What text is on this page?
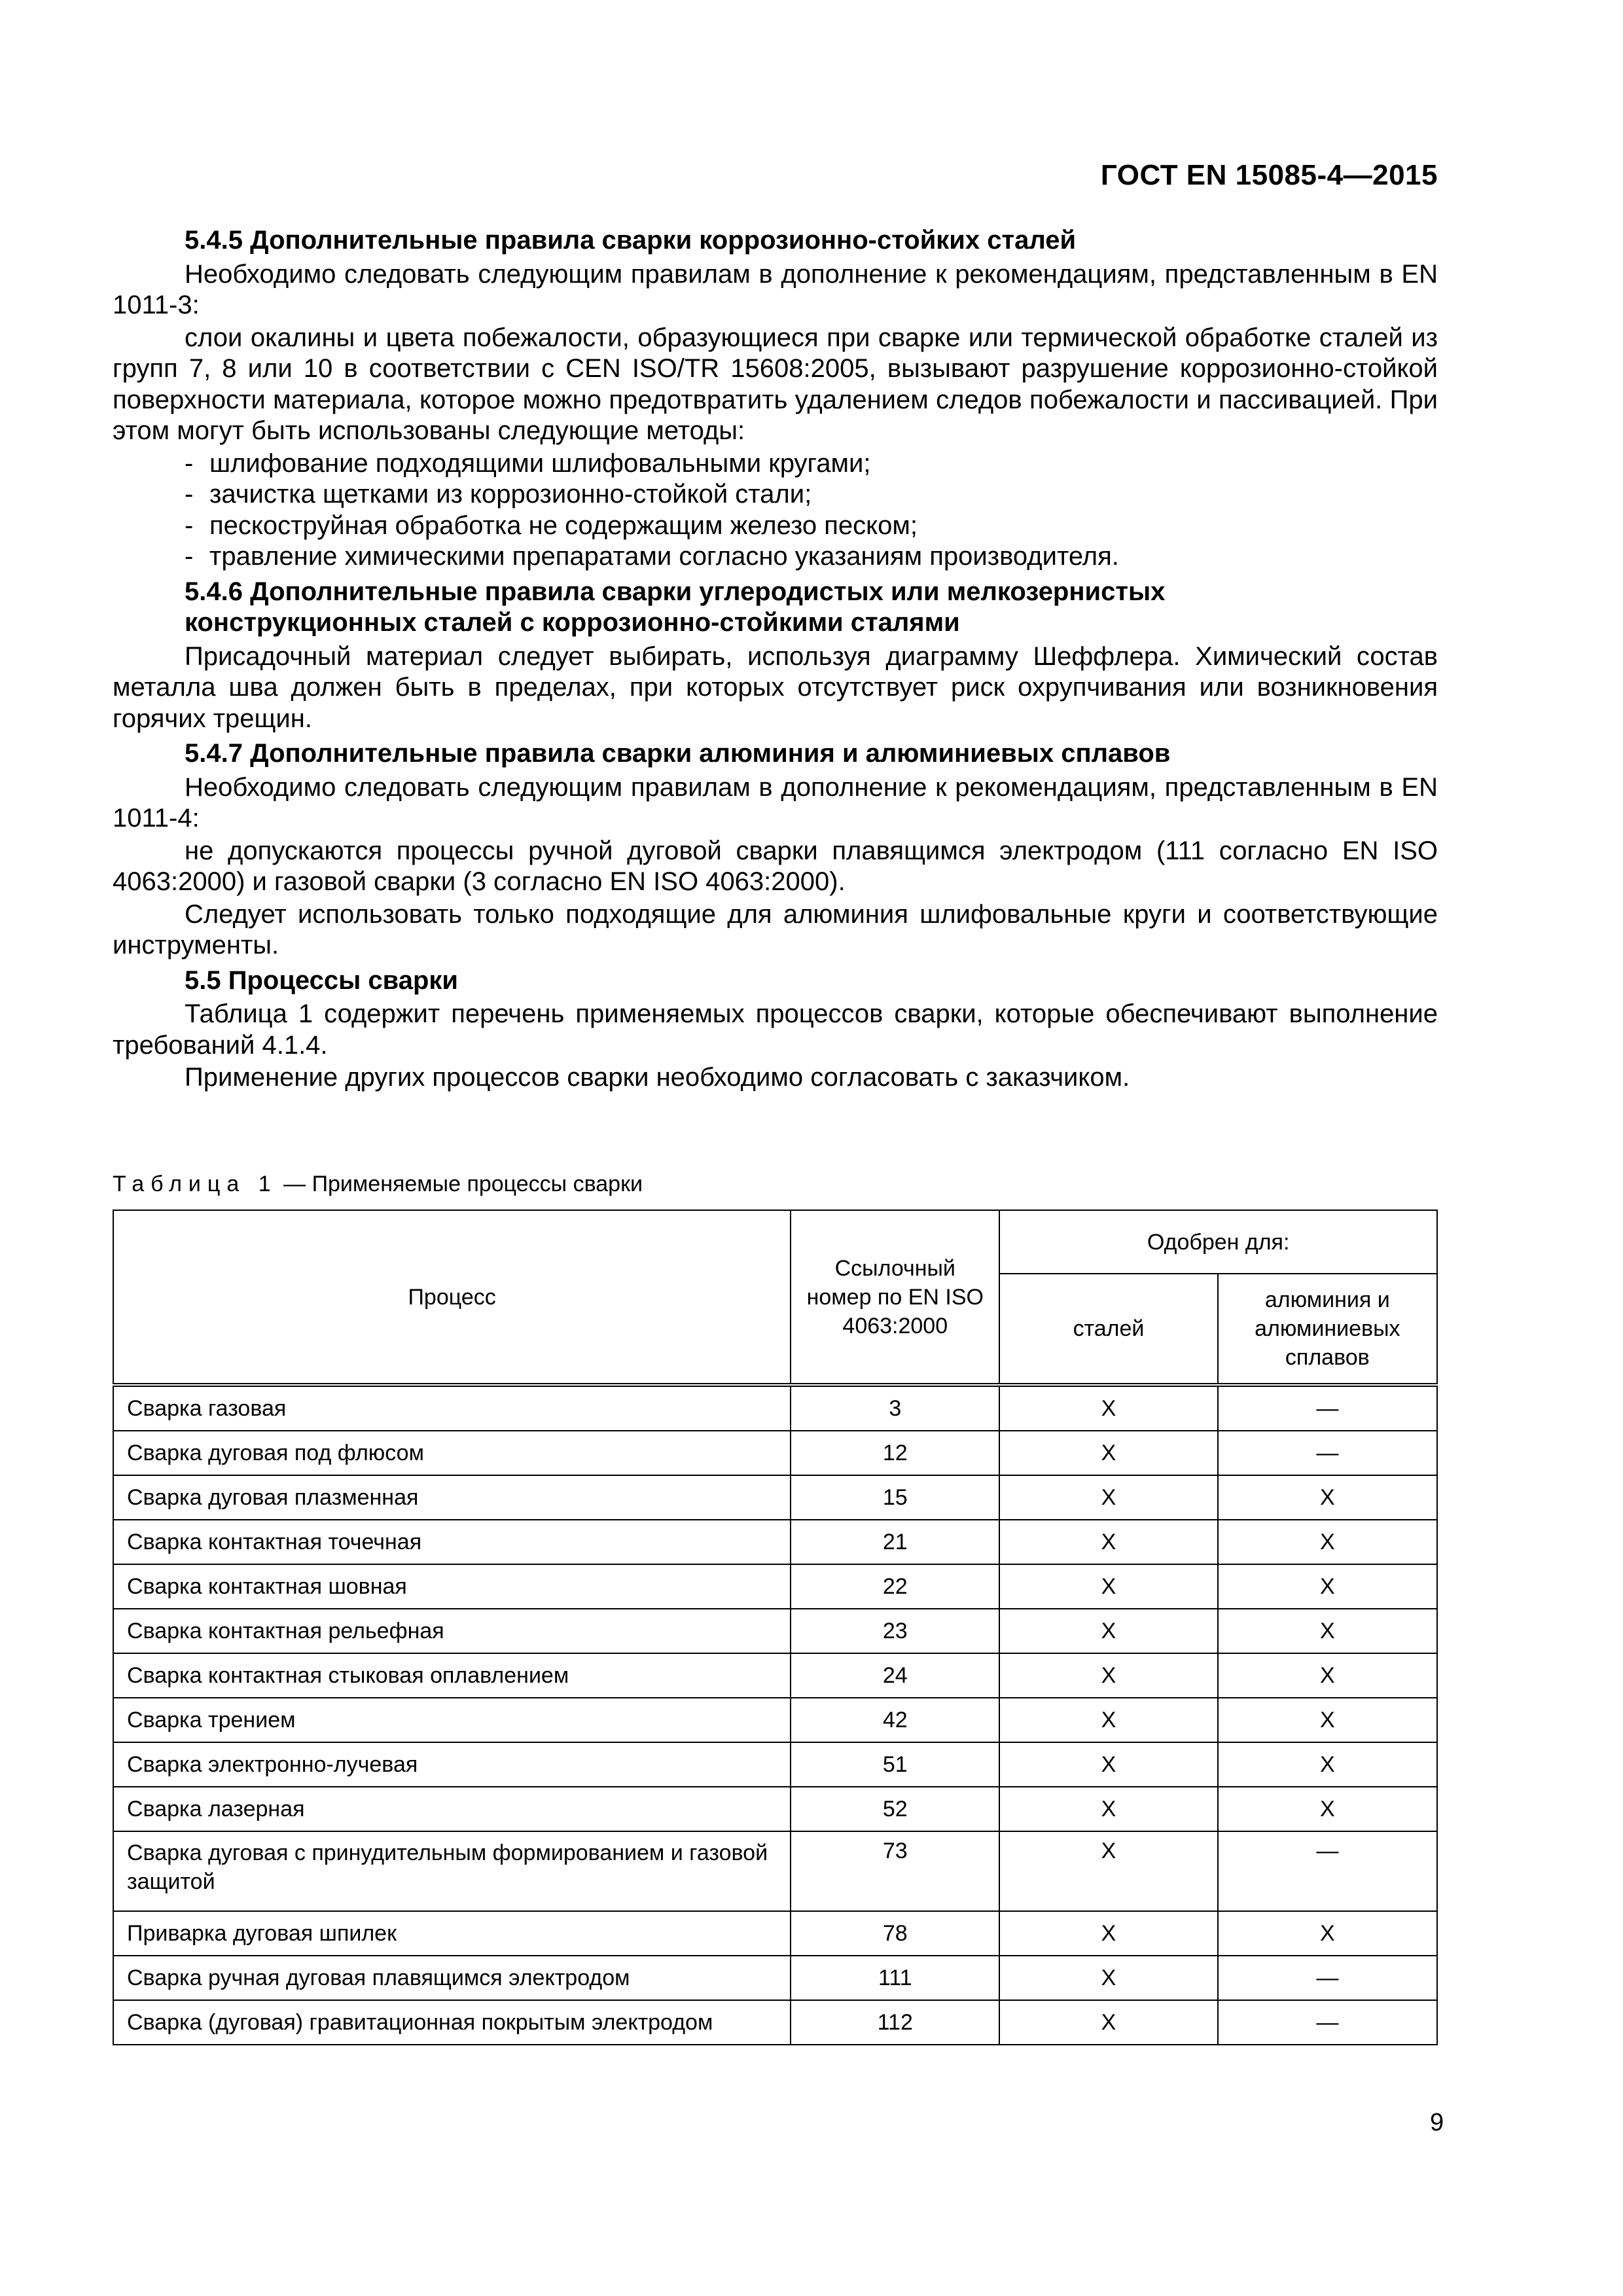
ГОСТ EN 15085-4—2015
5.4.5 Дополнительные правила сварки коррозионно-стойких сталей

Необходимо следовать следующим правилам в дополнение к рекомендациям, представленным в EN 1011-3:

слои окалины и цвета побежалости, образующиеся при сварке или термической обработке сталей из групп 7, 8 или 10 в соответствии с CEN ISO/TR 15608:2005, вызывают разрушение коррозионно-стойкой поверхности материала, которое можно предотвратить удалением следов побежалости и пассивацией. При этом могут быть использованы следующие методы:

- шлифование подходящими шлифовальными кругами;
- зачистка щетками из коррозионно-стойкой стали;
- пескоструйная обработка не содержащим железо песком;
- травление химическими препаратами согласно указаниям производителя.
5.4.6 Дополнительные правила сварки углеродистых или мелкозернистых
конструкционных сталей с коррозионно-стойкими сталями

Присадочный материал следует выбирать, используя диаграмму Шеффлера. Химический состав металла шва должен быть в пределах, при которых отсутствует риск охрупчивания или возникновения горячих трещин.

5.4.7 Дополнительные правила сварки алюминия и алюминиевых сплавов

Необходимо следовать следующим правилам в дополнение к рекомендациям, представленным в EN 1011-4:

не допускаются процессы ручной дуговой сварки плавящимся электродом (111 согласно EN ISO 4063:2000) и газовой сварки (3 согласно EN ISO 4063:2000).

Следует использовать только подходящие для алюминия шлифовальные круги и соответствующие инструменты.

5.5 Процессы сварки

Таблица 1 содержит перечень применяемых процессов сварки, которые обеспечивают выполнение требований 4.1.4.

Применение других процессов сварки необходимо согласовать с заказчиком.

Таблица 1 — Применяемые процессы сварки
Процесс	Ссылочный номер по EN ISO 4063:2000	Одобрен для:	
		сталей	алюминия и алюминиевых сплавов
Сварка газовая	3	X	—
Сварка дуговая под флюсом	12	X	—
Сварка дуговая плазменная	15	X	X
Сварка контактная точечная	21	X	X
Сварка контактная шовная	22	X	X
Сварка контактная рельефная	23	X	X
Сварка контактная стыковая оплавлением	24	X	X
Сварка трением	42	X	X
Сварка электронно-лучевая	51	X	X
Сварка лазерная	52	X	X
Сварка дуговая с принудительным формированием и газовой защитой	73	X	—
Приварка дуговая шпилек	78	X	X
Сварка ручная дуговая плавящимся электродом	111	X	—
Сварка (дуговая) гравитационная покрытым электродом	112	X	—
9
